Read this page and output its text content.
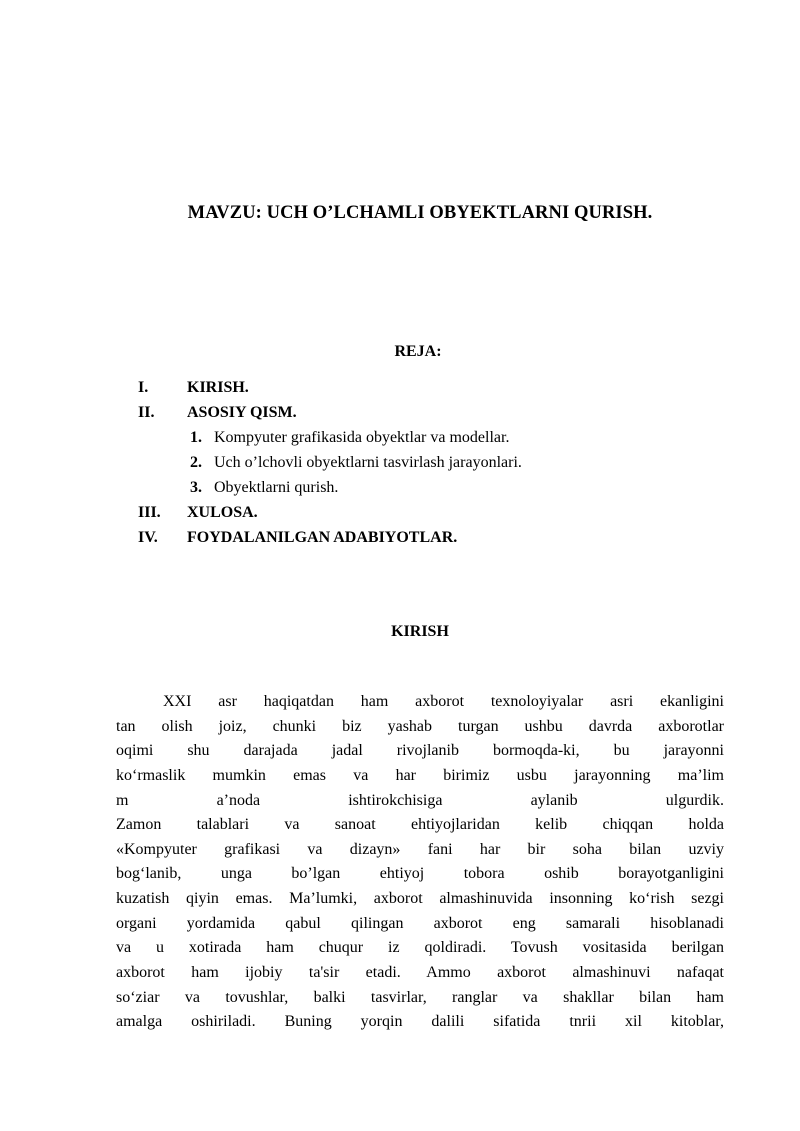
MAVZU: UCH O’LCHAMLI OBYEKTLARNI QURISH.
REJA:
I. KIRISH.
II. ASOSIY QISM.
1. Kompyuter grafikasida obyektlar va modellar.
2. Uch o’lchovli obyektlarni tasvirlash jarayonlari.
3. Obyektlarni qurish.
III. XULOSA.
IV. FOYDALANILGAN ADABIYOTLAR.
KIRISH
XXI asr haqiqatdan ham axborot texnoloyiyalar asri ekanligini
tan olish joiz, chunki biz yashab turgan ushbu davrda axborotlar
oqimi shu darajada jadal rivojlanib bormoqda-ki, bu jarayonni
ko‘rmaslik mumkin emas va har birimiz usbu jarayonning ma’lim
m a’noda ishtirokchisiga aylanib ulgurdik.
Zamon talablari va sanoat ehtiyojlaridan kelib chiqqan holda
«Kompyuter grafikasi va dizayn» fani har bir soha bilan uzviy
bog‘lanib, unga bo’lgan ehtiyoj tobora oshib borayotganligini
kuzatish qiyin emas. Ma’lumki, axborot almashinuvida insonning ko‘rish sezgi
organi yordamida qabul qilingan axborot eng samarali hisoblanadi
va u xotirada ham chuqur iz qoldiradi. Tovush vositasida berilgan
axborot ham ijobiy ta'sir etadi. Ammo axborot almashinuvi nafaqat
so‘ziar va tovushlar, balki tasvirlar, ranglar va shakllar bilan ham
amalga oshiriladi. Buning yorqin dalili sifatida tnrii xil kitoblar,
